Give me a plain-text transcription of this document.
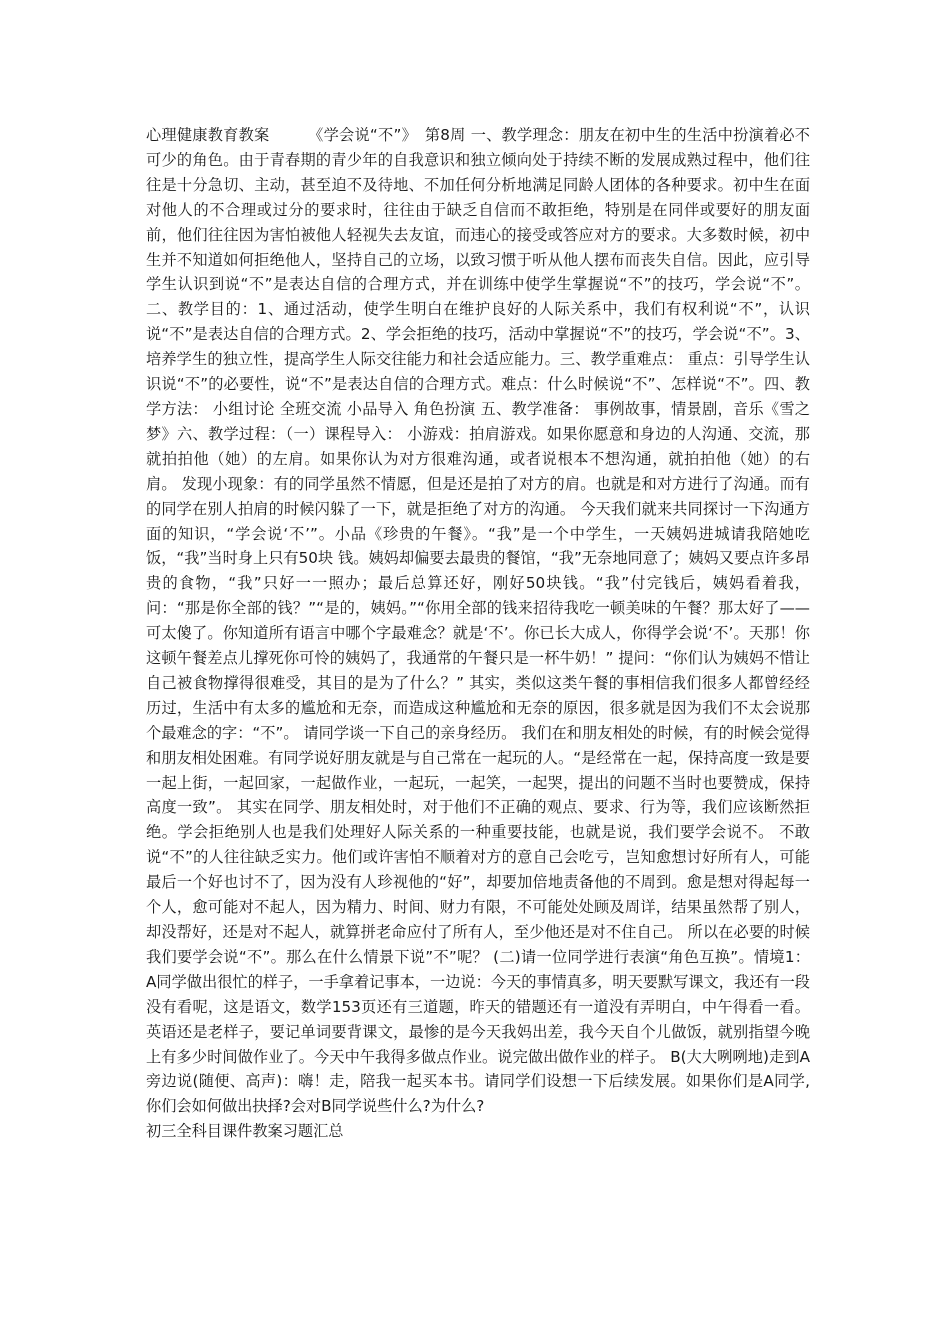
心理健康教育教案　　　《学会说“不”》　第8周 一、教学理念：朋友在初中生的生活中扮演着必不可少的角色。由于青春期的青少年的自我意识和独立倾向处于持续不断的发展成熟过程中，他们往往是十分急切、主动，甚至迫不及待地、不加任何分析地满足同龄人团体的各种要求。初中生在面对他人的不合理或过分的要求时，往往由于缺乏自信而不敢拒绝，特别是在同伴或要好的朋友面前，他们往往因为害怕被他人轻视失去友谊，而违心的接受或答应对方的要求。大多数时候，初中生并不知道如何拒绝他人，坚持自己的立场，以致习惯于听从他人摆布而丧失自信。因此，应引导学生认识到说“不”是表达自信的合理方式，并在训练中使学生掌握说“不”的技巧，学会说“不”。二、教学目的：1、通过活动，使学生明白在维护良好的人际关系中，我们有权利说“不”，认识说“不”是表达自信的合理方式。2、学会拒绝的技巧，活动中掌握说“不”的技巧，学会说“不”。3、培养学生的独立性，提高学生人际交往能力和社会适应能力。三、教学重难点： 重点：引导学生认识说“不”的必要性，说“不”是表达自信的合理方式。难点：什么时候说“不”、怎样说“不”。四、教学方法： 小组讨论 全班交流 小品导入 角色扮演 五、教学准备： 事例故事，情景剧，音乐《雪之梦》六、教学过程：（一）课程导入： 小游戏：拍肩游戏。如果你愿意和身边的人沟通、交流，那就拍拍他（她）的左肩。如果你认为对方很难沟通，或者说根本不想沟通，就拍拍他（她）的右肩。 发现小现象：有的同学虽然不情愿，但是还是拍了对方的肩。也就是和对方进行了沟通。而有的同学在别人拍肩的时候闪躲了一下，就是拒绝了对方的沟通。 今天我们就来共同探讨一下沟通方面的知识，“学会说‘不’”。小品《珍贵的午餐》。“我”是一个中学生，一天姨妈进城请我陪她吃饭，“我”当时身上只有50块 钱。姨妈却偏要去最贵的餐馆，“我”无奈地同意了；姨妈又要点许多昂贵的食物，“我”只好一一照办；最后总算还好，刚好50块钱。“我”付完钱后，姨妈看着我， 问：“那是你全部的钱？”“是的，姨妈。”“你用全部的钱来招待我吃一顿美味的午餐？那太好了——可太傻了。你知道所有语言中哪个字最难念？就是‘不’。你已长大成人，你得学会说‘不’。天那！你这顿午餐差点儿撑死你可怜的姨妈了，我通常的午餐只是一杯牛奶！” 提问：“你们认为姨妈不惜让自己被食物撑得很难受，其目的是为了什么？” 其实，类似这类午餐的事相信我们很多人都曾经经历过，生活中有太多的尴尬和无奈，而造成这种尴尬和无奈的原因，很多就是因为我们不太会说那个最难念的字：“不”。 请同学谈一下自己的亲身经历。 我们在和朋友相处的时候，有的时候会觉得和朋友相处困难。有同学说好朋友就是与自己常在一起玩的人。“是经常在一起，保持高度一致是要一起上街，一起回家，一起做作业，一起玩，一起笑，一起哭，提出的问题不当时也要赞成，保持高度一致”。 其实在同学、朋友相处时，对于他们不正确的观点、要求、行为等，我们应该断然拒绝。学会拒绝别人也是我们处理好人际关系的一种重要技能，也就是说，我们要学会说不。 不敢说“不”的人往往缺乏实力。他们或许害怕不顺着对方的意自己会吃亏，岂知愈想讨好所有人，可能最后一个好也讨不了，因为没有人珍视他的“好”，却要加倍地责备他的不周到。愈是想对得起每一个人，愈可能对不起人，因为精力、时间、财力有限，不可能处处顾及周详，结果虽然帮了别人，却没帮好，还是对不起人，就算拼老命应付了所有人，至少他还是对不住自己。 所以在必要的时候我们要学会说“不”。那么在什么情景下说”不”呢？ (二)请一位同学进行表演“角色互换”。情境1： A同学做出很忙的样子，一手拿着记事本，一边说：今天的事情真多，明天要默写课文，我还有一段没有看呢，这是语文，数学153页还有三道题，昨天的错题还有一道没有弄明白，中午得看一看。英语还是老样子，要记单词要背课文，最惨的是今天我妈出差，我今天自个儿做饭，就别指望今晚上有多少时间做作业了。今天中午我得多做点作业。说完做出做作业的样子。 B(大大咧咧地)走到A旁边说(随便、高声)：嗨！走，陪我一起买本书。请同学们设想一下后续发展。如果你们是A同学,你们会如何做出抉择?会对B同学说些什么?为什么?

初三全科目课件教案习题汇总
